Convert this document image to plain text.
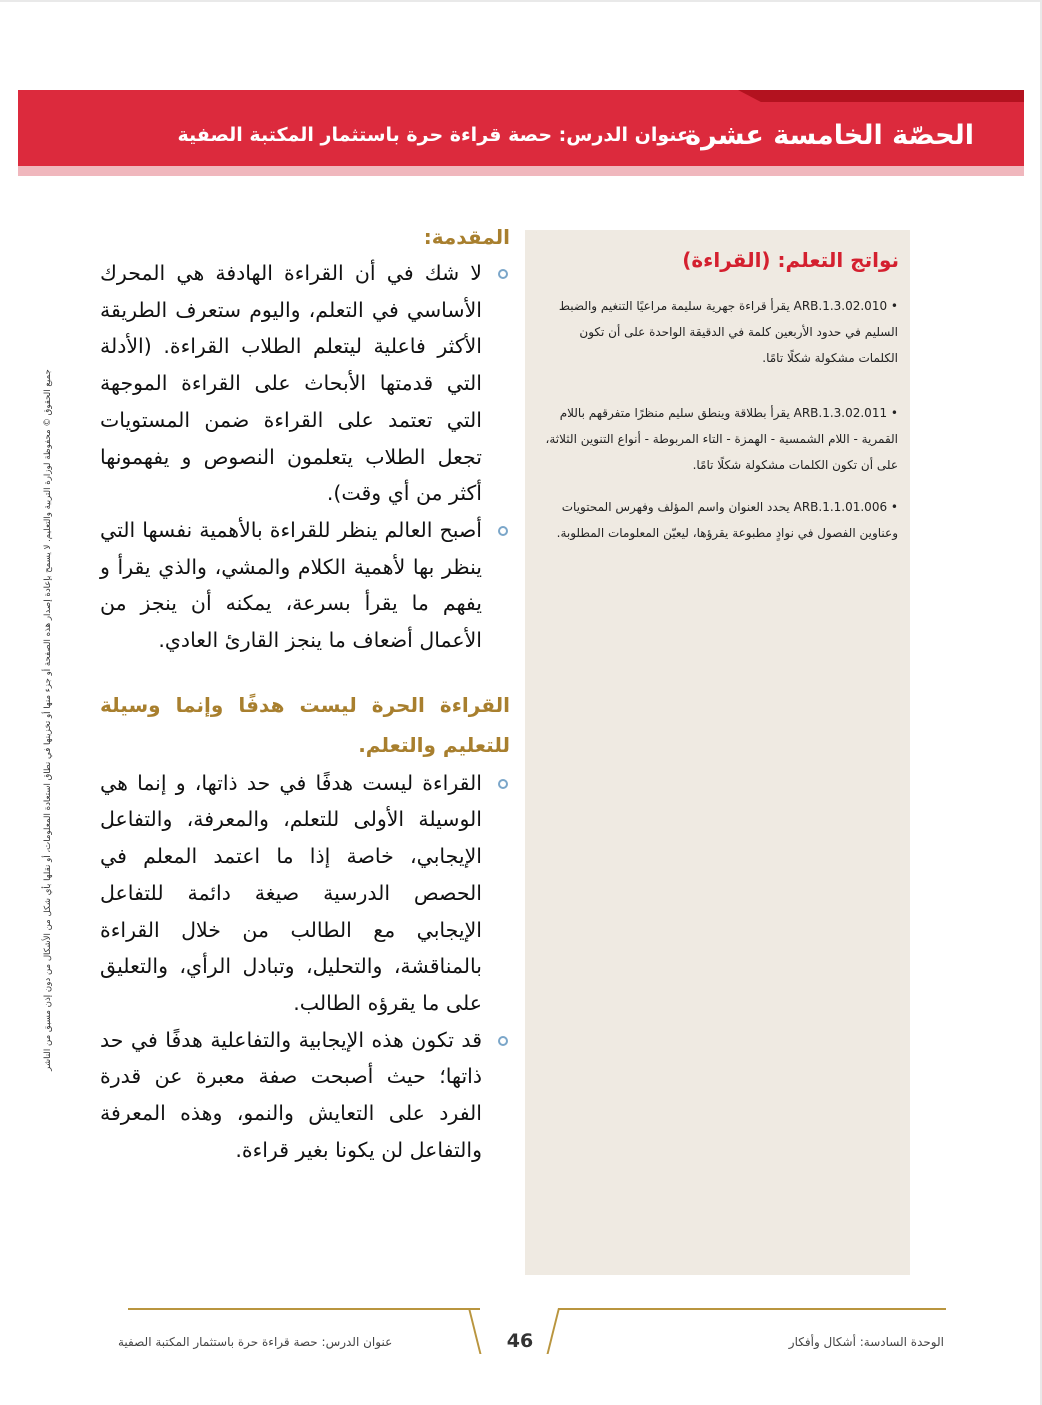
الحصّة الخامسة عشرة
عنوان الدرس: حصة قراءة حرة باستثمار المكتبة الصفية
نواتج التعلم: (القراءة)
• ARB.1.3.02.010 يقرأ قراءة جهرية سليمة مراعيًا التنغيم والضبط السليم في حدود الأربعين كلمة في الدقيقة الواحدة على أن تكون الكلمات مشكولة شكلًا تامًا.
• ARB.1.3.02.011 يقرأ بطلاقة وينطق سليم منظرًا متفرقهم باللام القمرية - اللام الشمسية - الهمزة - التاء المربوطة - أنواع التنوين الثلاثة، على أن تكون الكلمات مشكولة شكلًا تامًا.
• ARB.1.1.01.006 يحدد العنوان واسم المؤلف وفهرس المحتويات وعناوين الفصول في نوادٍ مطبوعة يقرؤها، ليعيّن المعلومات المطلوبة.
المقدمة:
لا شك في أن القراءة الهادفة هي المحرك الأساسي في التعلم، واليوم ستعرف الطريقة الأكثر فاعلية ليتعلم الطلاب القراءة. (الأدلة التي قدمتها الأبحاث على القراءة الموجهة التي تعتمد على القراءة ضمن المستويات تجعل الطلاب يتعلمون النصوص و يفهمونها أكثر من أي وقت).
أصبح العالم ينظر للقراءة بالأهمية نفسها التي ينظر بها لأهمية الكلام والمشي، والذي يقرأ و يفهم ما يقرأ بسرعة، يمكنه أن ينجز من الأعمال أضعاف ما ينجز القارئ العادي.
القراءة الحرة ليست هدفًا وإنما وسيلة للتعليم والتعلم.
القراءة ليست هدفًا في حد ذاتها، و إنما هي الوسيلة الأولى للتعلم، والمعرفة، والتفاعل الإيجابي، خاصة إذا ما اعتمد المعلم في الحصص الدرسية صيغة دائمة للتفاعل الإيجابي مع الطالب من خلال القراءة بالمناقشة، والتحليل، وتبادل الرأي، والتعليق على ما يقرؤه الطالب.
قد تكون هذه الإيجابية والتفاعلية هدفًا في حد ذاتها؛ حيث أصبحت صفة معبرة عن قدرة الفرد على التعايش والنمو، وهذه المعرفة والتفاعل لن يكونا بغير قراءة.
جميع الحقوق © محفوظة لوزارة التربية والتعليم. لا يسمح بإعادة إصدار هذه الصفحة أو جزء منها أو تخزينها في نطاق استعادة المعلومات، أو نقلها بأي شكل من الأشكال من دون إذن مسبق من الناشر
46
عنوان الدرس: حصة قراءة حرة باستثمار المكتبة الصفية	الوحدة السادسة: أشكال وأفكار
